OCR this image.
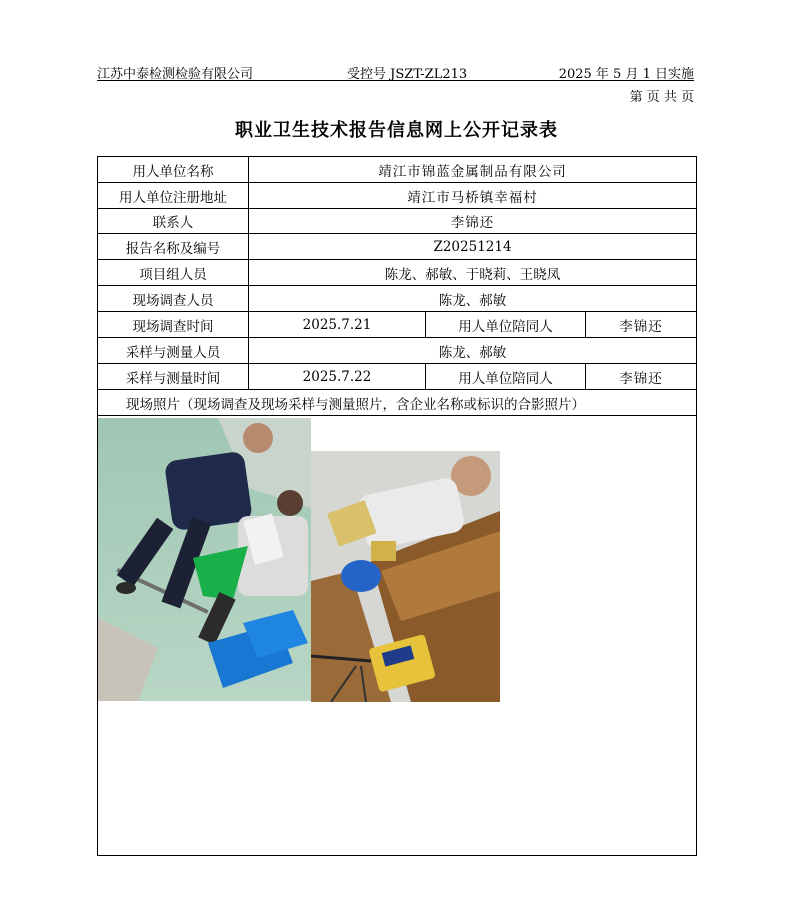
江苏中泰检测检验有限公司	受控号 JSZT-ZL213	2025 年 5 月 1 日实施
第 页 共 页
职业卫生技术报告信息网上公开记录表
用人单位名称	靖江市锦蓝金属制品有限公司
用人单位注册地址	靖江市马桥镇幸福村
联系人	李锦还
报告名称及编号	Z20251214
项目组人员	陈龙、郝敏、于晓莉、王晓凤
现场调查人员	陈龙、郝敏
现场调查时间	2025.7.21	用人单位陪同人	李锦还
采样与测量人员	陈龙、郝敏
采样与测量时间	2025.7.22	用人单位陪同人	李锦还
现场照片（现场调查及现场采样与测量照片，含企业名称或标识的合影照片）
